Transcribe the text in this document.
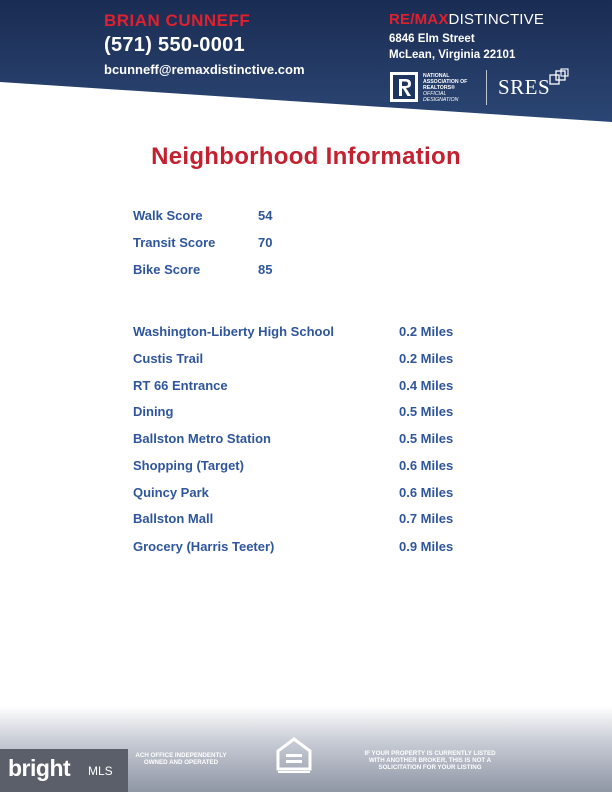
BRIAN CUNNEFF
(571) 550-0001
bcunneff@remaxdistinctive.com
RE/MAXDISTINCTIVE
6846 Elm Street
McLean, Virginia 22101
NATIONAL
ASSOCIATION OF
REALTORS®
OFFICIAL
DESIGNATION
SRES
Neighborhood Information
Walk Score	54
Transit Score	70
Bike Score	85
Washington-Liberty High School	0.2 Miles
Custis Trail	0.2 Miles
RT 66 Entrance	0.4 Miles
Dining	0.5 Miles
Ballston Metro Station	0.5 Miles
Shopping (Target)	0.6 Miles
Quincy Park	0.6 Miles
Ballston Mall	0.7 Miles
Grocery (Harris Teeter)	0.9 Miles
ACH OFFICE INDEPENDENTLY
OWNED AND OPERATED
IF YOUR PROPERTY IS CURRENTLY LISTED
WITH ANOTHER BROKER, THIS IS NOT A
SOLICITATION FOR YOUR LISTING
bright MLS
